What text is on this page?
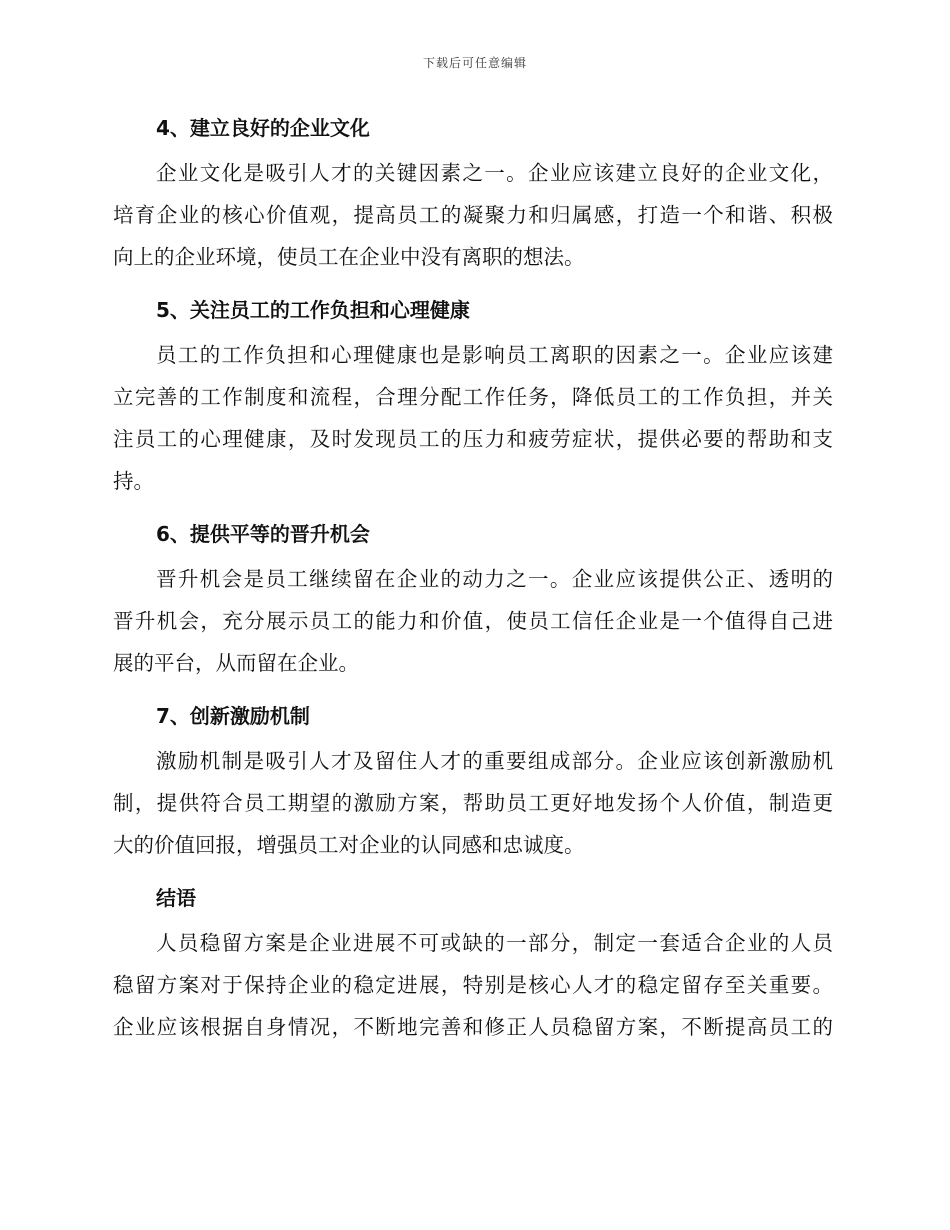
下载后可任意编辑
4、建立良好的企业文化

企业文化是吸引人才的关键因素之一。企业应该建立良好的企业文化，
培育企业的核心价值观，提高员工的凝聚力和归属感，打造一个和谐、积极
向上的企业环境，使员工在企业中没有离职的想法。

5、关注员工的工作负担和心理健康

员工的工作负担和心理健康也是影响员工离职的因素之一。企业应该建
立完善的工作制度和流程，合理分配工作任务，降低员工的工作负担，并关
注员工的心理健康，及时发现员工的压力和疲劳症状，提供必要的帮助和支
持。

6、提供平等的晋升机会

晋升机会是员工继续留在企业的动力之一。企业应该提供公正、透明的
晋升机会，充分展示员工的能力和价值，使员工信任企业是一个值得自己进
展的平台，从而留在企业。

7、创新激励机制

激励机制是吸引人才及留住人才的重要组成部分。企业应该创新激励机
制，提供符合员工期望的激励方案，帮助员工更好地发扬个人价值，制造更
大的价值回报，增强员工对企业的认同感和忠诚度。

结语

人员稳留方案是企业进展不可或缺的一部分，制定一套适合企业的人员
稳留方案对于保持企业的稳定进展，特别是核心人才的稳定留存至关重要。
企业应该根据自身情况，不断地完善和修正人员稳留方案，不断提高员工的
